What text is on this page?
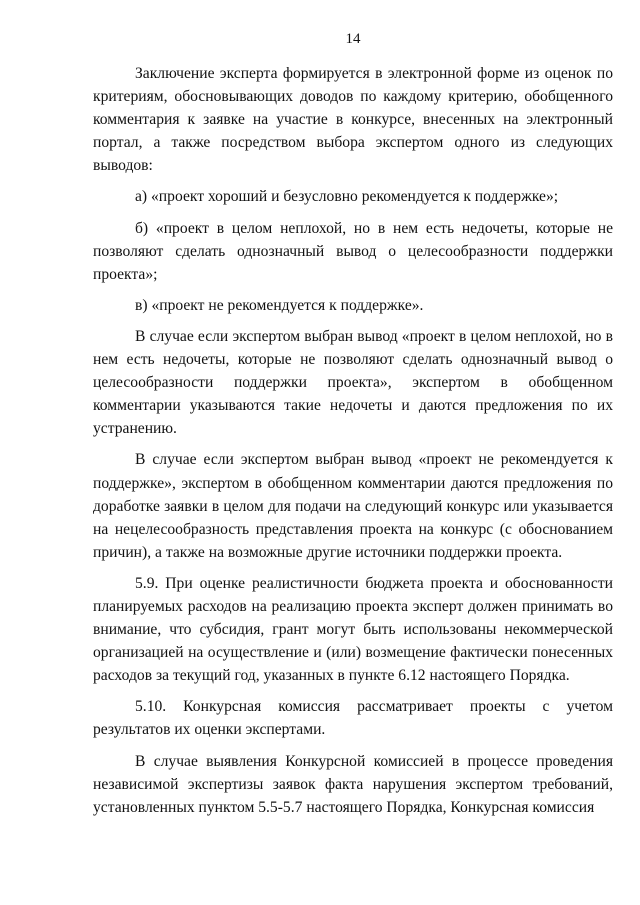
14

Заключение эксперта формируется в электронной форме из оценок по критериям, обосновывающих доводов по каждому критерию, обобщенного комментария к заявке на участие в конкурсе, внесенных на электронный портал, а также посредством выбора экспертом одного из следующих выводов:

а) «проект хороший и безусловно рекомендуется к поддержке»;

б) «проект в целом неплохой, но в нем есть недочеты, которые не позволяют сделать однозначный вывод о целесообразности поддержки проекта»;

в) «проект не рекомендуется к поддержке».

В случае если экспертом выбран вывод «проект в целом неплохой, но в нем есть недочеты, которые не позволяют сделать однозначный вывод о целесообразности поддержки проекта», экспертом в обобщенном комментарии указываются такие недочеты и даются предложения по их устранению.

В случае если экспертом выбран вывод «проект не рекомендуется к поддержке», экспертом в обобщенном комментарии даются предложения по доработке заявки в целом для подачи на следующий конкурс или указывается на нецелесообразность представления проекта на конкурс (с обоснованием причин), а также на возможные другие источники поддержки проекта.

5.9. При оценке реалистичности бюджета проекта и обоснованности планируемых расходов на реализацию проекта эксперт должен принимать во внимание, что субсидия, грант могут быть использованы некоммерческой организацией на осуществление и (или) возмещение фактически понесенных расходов за текущий год, указанных в пункте 6.12 настоящего Порядка.

5.10. Конкурсная комиссия рассматривает проекты с учетом результатов их оценки экспертами.

В случае выявления Конкурсной комиссией в процессе проведения независимой экспертизы заявок факта нарушения экспертом требований, установленных пунктом 5.5-5.7 настоящего Порядка, Конкурсная комиссия
